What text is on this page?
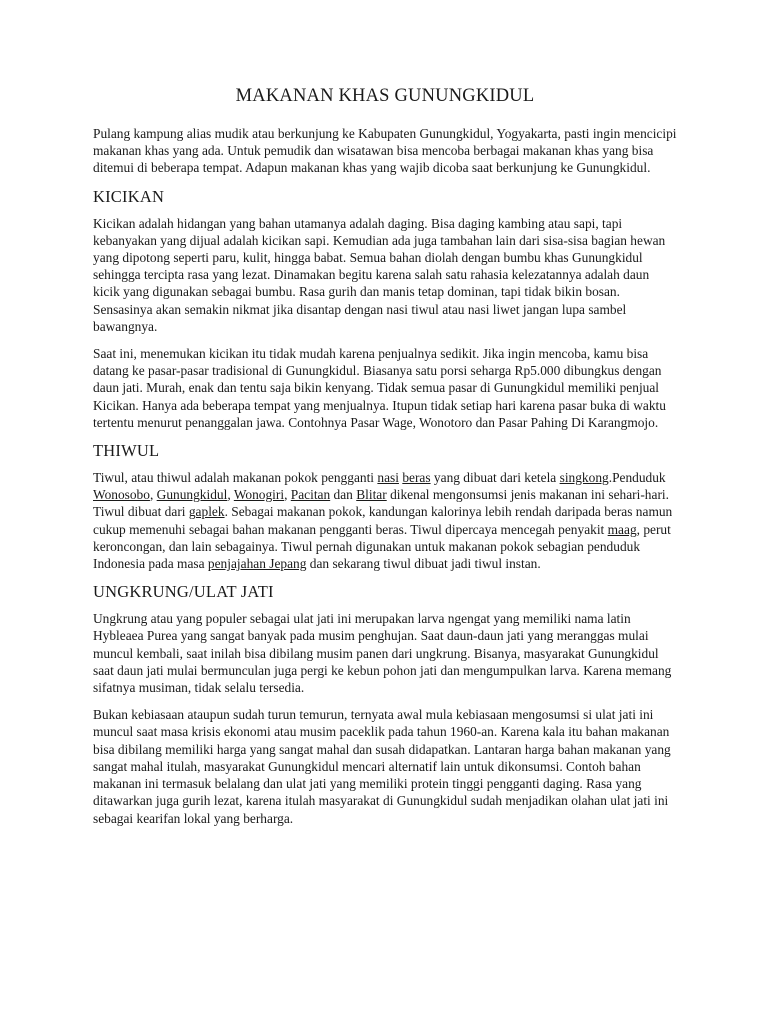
MAKANAN KHAS GUNUNGKIDUL

Pulang kampung alias mudik atau berkunjung ke Kabupaten Gunungkidul, Yogyakarta, pasti ingin mencicipi makanan khas yang ada. Untuk pemudik dan wisatawan bisa mencoba berbagai makanan khas yang bisa ditemui di beberapa tempat. Adapun makanan khas yang wajib dicoba saat berkunjung ke Gunungkidul.

KICIKAN

Kicikan adalah hidangan yang bahan utamanya adalah daging. Bisa daging kambing atau sapi, tapi kebanyakan yang dijual adalah kicikan sapi. Kemudian ada juga tambahan lain dari sisa-sisa bagian hewan yang dipotong seperti paru, kulit, hingga babat. Semua bahan diolah dengan bumbu khas Gunungkidul sehingga tercipta rasa yang lezat. Dinamakan begitu karena salah satu rahasia kelezatannya adalah daun kicik yang digunakan sebagai bumbu. Rasa gurih dan manis tetap dominan, tapi tidak bikin bosan. Sensasinya akan semakin nikmat jika disantap dengan nasi tiwul atau nasi liwet jangan lupa sambel bawangnya.

Saat ini, menemukan kicikan itu tidak mudah karena penjualnya sedikit. Jika ingin mencoba, kamu bisa datang ke pasar-pasar tradisional di Gunungkidul. Biasanya satu porsi seharga Rp5.000 dibungkus dengan daun jati. Murah, enak dan tentu saja bikin kenyang. Tidak semua pasar di Gunungkidul memiliki penjual Kicikan. Hanya ada beberapa tempat yang menjualnya. Itupun tidak setiap hari karena pasar buka di waktu tertentu menurut penanggalan jawa. Contohnya Pasar Wage, Wonotoro dan Pasar Pahing Di Karangmojo.

THIWUL

Tiwul, atau thiwul adalah makanan pokok pengganti nasi beras yang dibuat dari ketela singkong.Penduduk Wonosobo, Gunungkidul, Wonogiri, Pacitan dan Blitar dikenal mengonsumsi jenis makanan ini sehari-hari. Tiwul dibuat dari gaplek. Sebagai makanan pokok, kandungan kalorinya lebih rendah daripada beras namun cukup memenuhi sebagai bahan makanan pengganti beras. Tiwul dipercaya mencegah penyakit maag, perut keroncongan, dan lain sebagainya. Tiwul pernah digunakan untuk makanan pokok sebagian penduduk Indonesia pada masa penjajahan Jepang dan sekarang tiwul dibuat jadi tiwul instan.

UNGKRUNG/ULAT JATI

Ungkrung atau yang populer sebagai ulat jati ini merupakan larva ngengat yang memiliki nama latin Hybleaea Purea yang sangat banyak pada musim penghujan. Saat daun-daun jati yang meranggas mulai muncul kembali, saat inilah bisa dibilang musim panen dari ungkrung. Bisanya, masyarakat Gunungkidul saat daun jati mulai bermunculan juga pergi ke kebun pohon jati dan mengumpulkan larva. Karena memang sifatnya musiman, tidak selalu tersedia.

Bukan kebiasaan ataupun sudah turun temurun, ternyata awal mula kebiasaan mengosumsi si ulat jati ini muncul saat masa krisis ekonomi atau musim paceklik pada tahun 1960-an. Karena kala itu bahan makanan bisa dibilang memiliki harga yang sangat mahal dan susah didapatkan. Lantaran harga bahan makanan yang sangat mahal itulah, masyarakat Gunungkidul mencari alternatif lain untuk dikonsumsi. Contoh bahan makanan ini termasuk belalang dan ulat jati yang memiliki protein tinggi pengganti daging. Rasa yang ditawarkan juga gurih lezat, karena itulah masyarakat di Gunungkidul sudah menjadikan olahan ulat jati ini sebagai kearifan lokal yang berharga.
